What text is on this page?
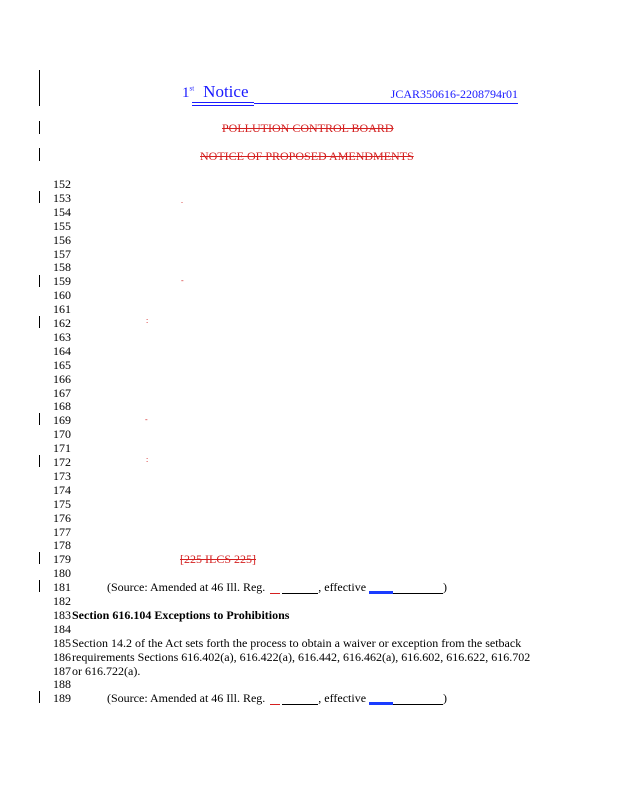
1st Notice	JCAR350616-2208794r01
POLLUTION CONTROL BOARD
NOTICE OF PROPOSED AMENDMENTS
152
153
154
155
156
157
158
159
160
161
162
163
164
165
166
167
168
169
170
171
172
173
174
175
176
177
178
179
180
181
182
183
184
185
186
187
188
189
.
-
:
-
:
[225 ILCS 225]
(Source: Amended at 46 Ill. Reg.	, effective	)
Section 616.104 Exceptions to Prohibitions
Section 14.2 of the Act sets forth the process to obtain a waiver or exception from the setback
requirements Sections 616.402(a), 616.422(a), 616.442, 616.462(a), 616.602, 616.622, 616.702
or 616.722(a).
(Source: Amended at 46 Ill. Reg.	, effective	)
